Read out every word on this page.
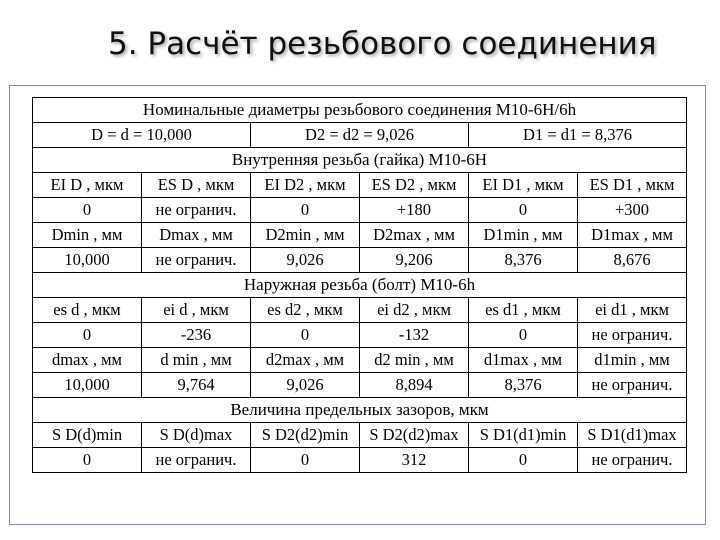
5. Расчёт резьбового соединения
Номинальные диаметры резьбового соединения М10-6Н/6h					
D = d = 10,000		D2 = d2 = 9,026		D1 = d1 = 8,376	
Внутренняя резьба (гайка) М10-6Н					
EI D , мкм	ES D , мкм	EI D2 , мкм	ES D2 , мкм	EI D1 , мкм	ES D1 , мкм
0	не огранич.	0	+180	0	+300
Dmin , мм	Dmax , мм	D2min , мм	D2max , мм	D1min , мм	D1max , мм
10,000	не огранич.	9,026	9,206	8,376	8,676
Наружная резьба (болт) М10-6h					
es d , мкм	ei d , мкм	es d2 , мкм	ei d2 , мкм	es d1 , мкм	ei d1 , мкм
0	-236	0	-132	0	не огранич.
dmax , мм	d min , мм	d2max , мм	d2 min , мм	d1max , мм	d1min , мм
10,000	9,764	9,026	8,894	8,376	не огранич.
Величина предельных зазоров, мкм					
S D(d)min	S D(d)max	S D2(d2)min	S D2(d2)max	S D1(d1)min	S D1(d1)max
0	не огранич.	0	312	0	не огранич.
